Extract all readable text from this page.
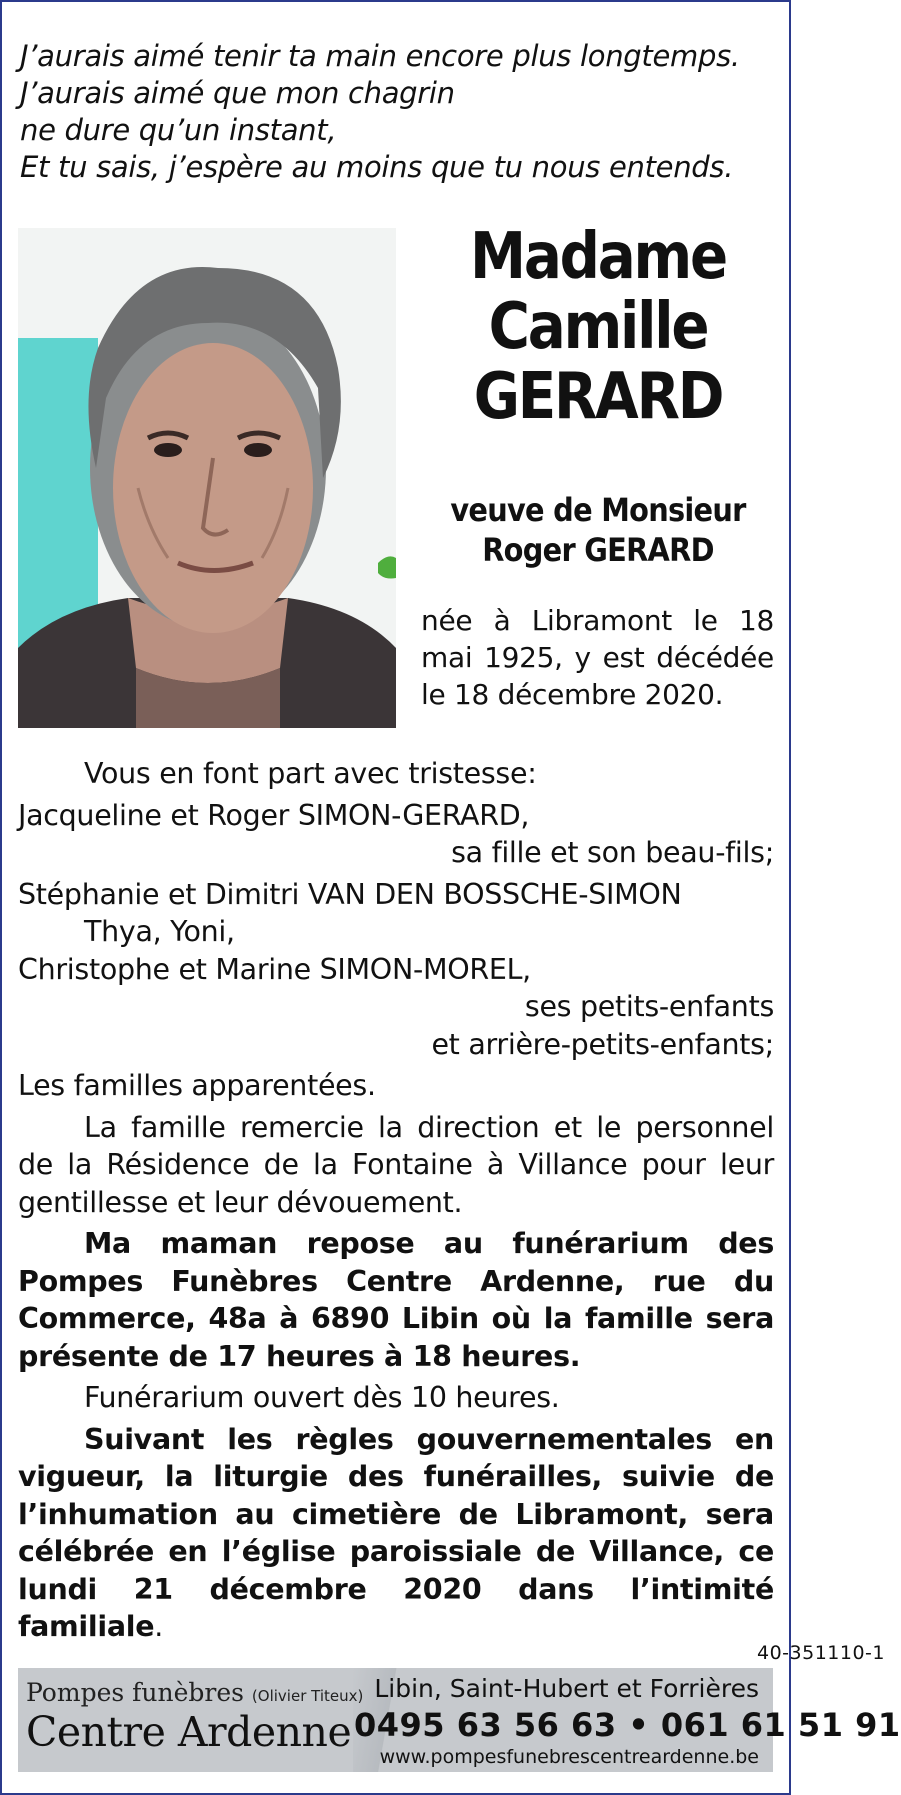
J’aurais aimé tenir ta main encore plus longtemps.
J’aurais aimé que mon chagrin
ne dure qu’un instant,
Et tu sais, j’espère au moins que tu nous entends.
Madame
Camille
GERARD
veuve de Monsieur
Roger GERARD
née à Libramont le 18 mai 1925, y est décédée le 18 décembre 2020.

Vous en font part avec tristesse:

Jacqueline et Roger SIMON-GERARD,

sa fille et son beau-fils;

Stéphanie et Dimitri VAN DEN BOSSCHE-SIMON

Thya, Yoni,

Christophe et Marine SIMON-MOREL,

ses petits-enfants

et arrière-petits-enfants;

Les familles apparentées.

La famille remercie la direction et le personnel de la Résidence de la Fontaine à Villance pour leur gentillesse et leur dévouement.

Ma maman repose au funérarium des Pompes Funèbres Centre Ardenne, rue du Commerce, 48a à 6890 Libin où la famille sera présente de 17 heures à 18 heures.

Funérarium ouvert dès 10 heures.

Suivant les règles gouvernementales en vigueur, la liturgie des funérailles, suivie de l’inhumation au cimetière de Libramont, sera célébrée en l’église paroissiale de Villance, ce lundi 21 décembre 2020 dans l’intimité familiale.

40-351110-1
Pompes funèbres (Olivier Titeux)
Centre Ardenne
Libin, Saint-Hubert et Forrières
0495 63 56 63 • 061 61 51 91
www.pompesfunebrescentreardenne.be
